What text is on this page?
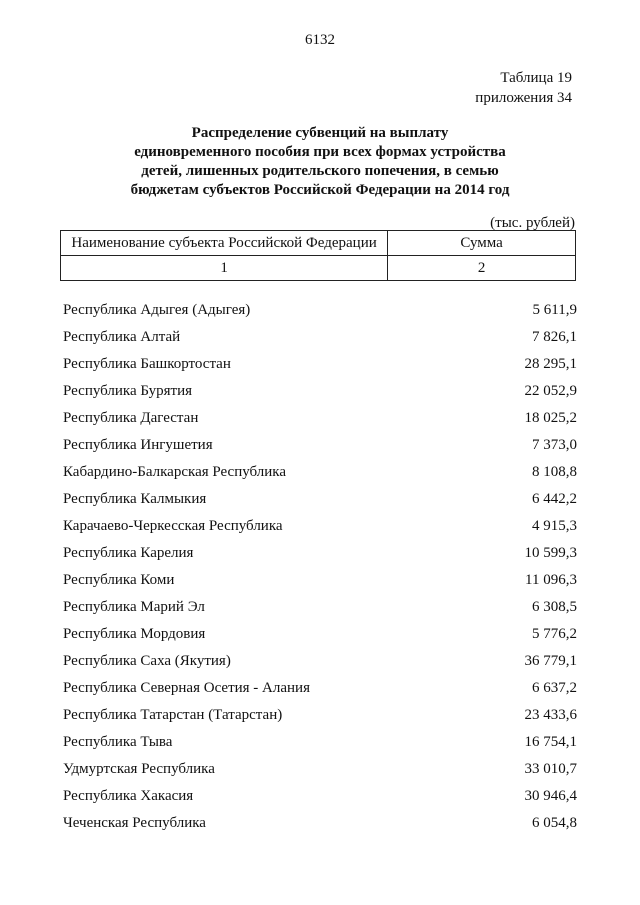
6132
Таблица 19
приложения 34
Распределение субвенций на выплату
единовременного пособия при всех формах устройства
детей, лишенных родительского попечения, в семью
бюджетам субъектов Российской Федерации на 2014 год
(тыс. рублей)
Наименование субъекта Российской Федерации	Сумма
1	2
Республика Адыгея (Адыгея)	5 611,9
Республика Алтай	7 826,1
Республика Башкортостан	28 295,1
Республика Бурятия	22 052,9
Республика Дагестан	18 025,2
Республика Ингушетия	7 373,0
Кабардино-Балкарская Республика	8 108,8
Республика Калмыкия	6 442,2
Карачаево-Черкесская Республика	4 915,3
Республика Карелия	10 599,3
Республика Коми	11 096,3
Республика Марий Эл	6 308,5
Республика Мордовия	5 776,2
Республика Саха (Якутия)	36 779,1
Республика Северная Осетия - Алания	6 637,2
Республика Татарстан (Татарстан)	23 433,6
Республика Тыва	16 754,1
Удмуртская Республика	33 010,7
Республика Хакасия	30 946,4
Чеченская Республика	6 054,8
